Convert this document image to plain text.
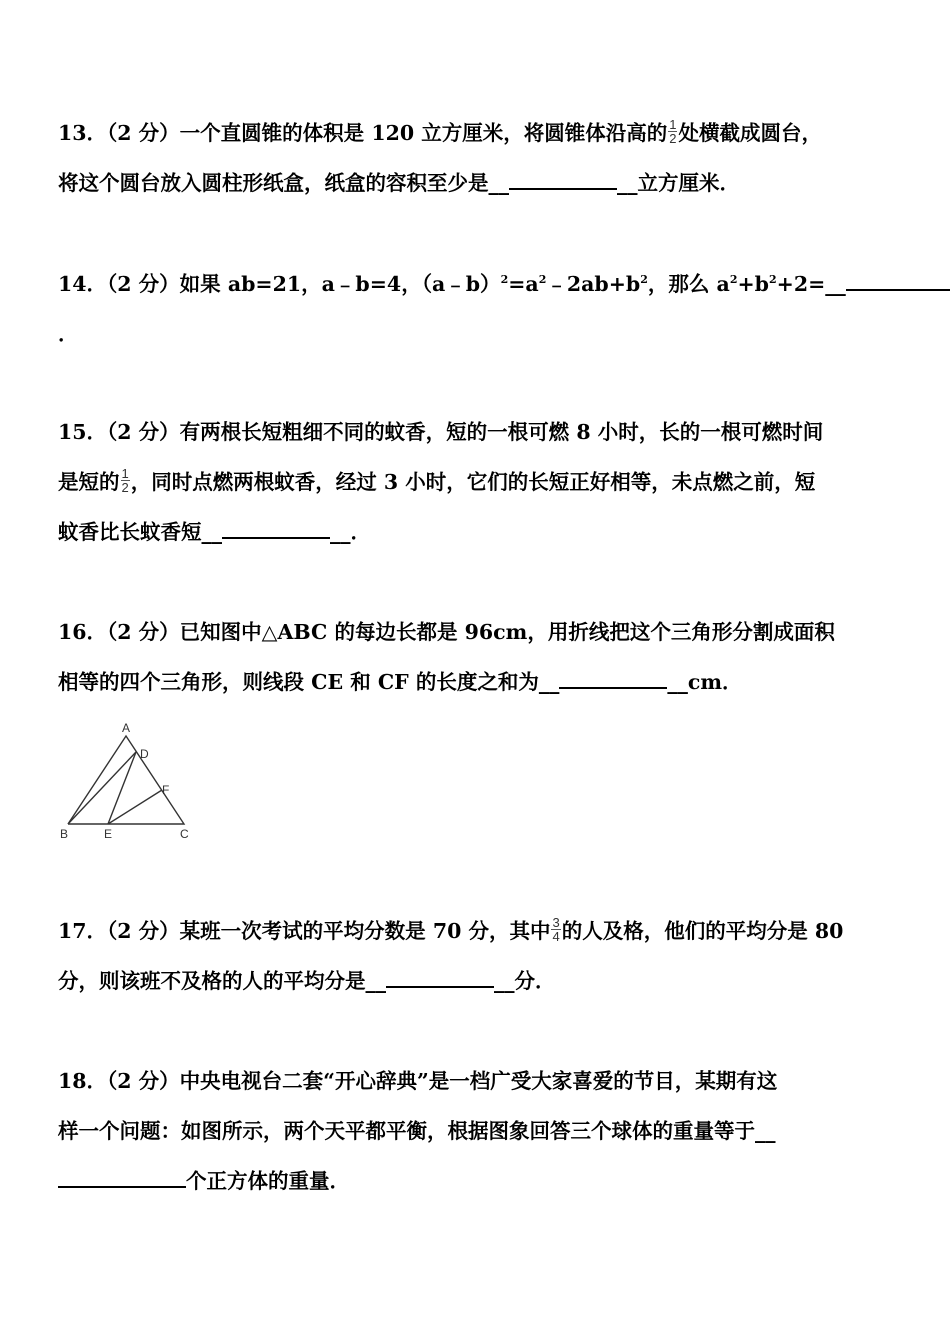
13．（2 分）一个直圆锥的体积是 120 立方厘米，将圆锥体沿高的 $\frac{1}{2}$ 处横截成圆台，
将这个圆台放入圆柱形纸盒，纸盒的容积至少是__	__立方厘米．
14．（2 分）如果 ab=21，a﹣b=4，$(a﹣b)^2=a^2﹣2ab+b^2$，那么 $a^2+b^2+2=\_\_$
．
15．（2 分）有两根长短粗细不同的蚊香，短的一根可燃 8 小时，长的一根可燃时间
是短的 $\frac{1}{2}$ ，同时点燃两根蚊香，经过 3 小时，它们的长短正好相等，未点燃之前，短
蚊香比长蚊香短__	__．
16．（2 分）已知图中△ABC 的每边长都是 96cm，用折线把这个三角形分割成面积
相等的四个三角形，则线段 CE 和 CF 的长度之和为__	__cm．
A
D
F
B	E	C
17．（2 分）某班一次考试的平均分数是 70 分，其中 $\frac{3}{4}$ 的人及格，他们的平均分是 80
分，则该班不及格的人的平均分是__	__分．
18．（2 分）中央电视台二套“开心辞典”是一档广受大家喜爱的节目，某期有这
样一个问题：如图所示，两个天平都平衡，根据图象回答三个球体的重量等于__
个正方体的重量．
